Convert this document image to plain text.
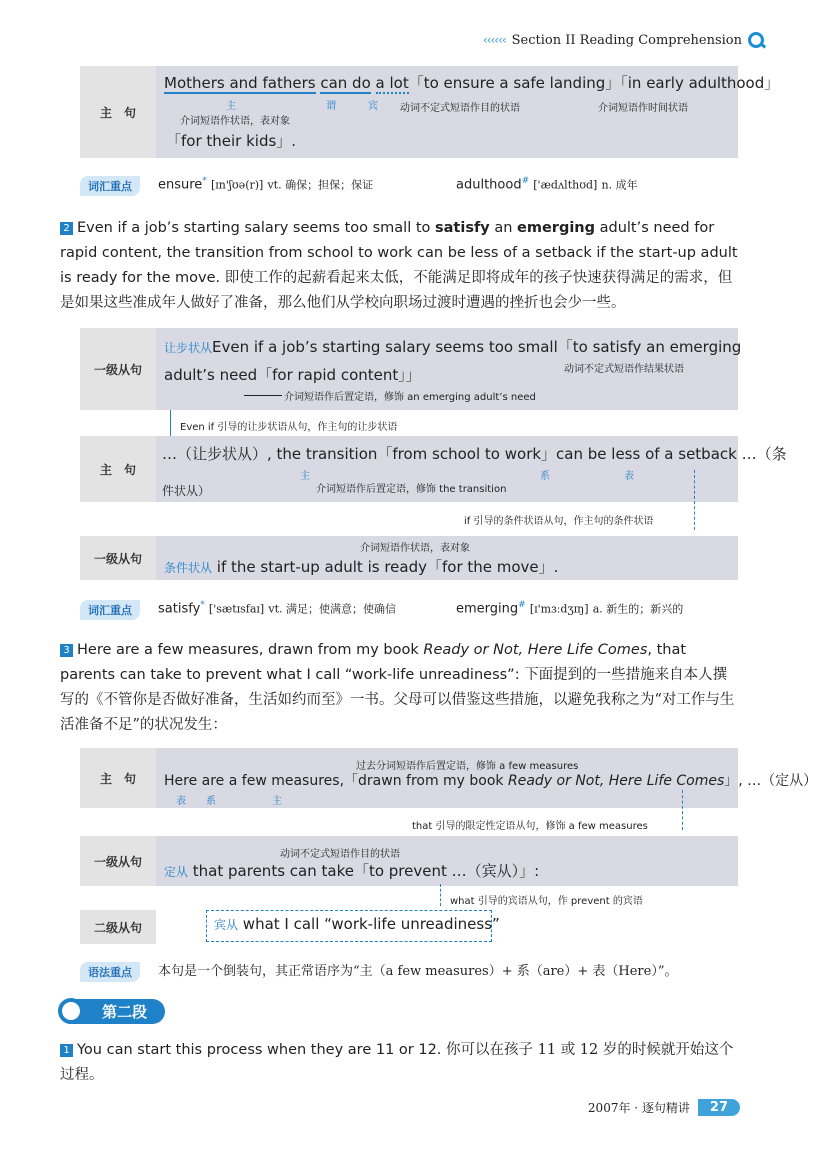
‹‹‹‹‹‹ Section II Reading Comprehension
主　句
Mothers and fathers can do a lot「to ensure a safe landing」「in early adulthood」
主	谓	宾 动词不定式短语作目的状语	介词短语作时间状语
介词短语作状语，表对象
「for their kids」.
词汇重点	ensure* [ɪn'ʃʊə(r)] vt. 确保；担保；保证	adulthood# ['ædʌlthʊd] n. 成年
2 Even if a job’s starting salary seems too small to satisfy an emerging adult’s need for rapid content, the transition from school to work can be less of a setback if the start-up adult is ready for the move. 即使工作的起薪看起来太低，不能满足即将成年的孩子快速获得满足的需求，但是如果这些准成年人做好了准备，那么他们从学校向职场过渡时遭遇的挫折也会少一些。
一级从句
让步状从Even if a job’s starting salary seems too small「to satisfy an emerging
动词不定式短语作结果状语
adult’s need「for rapid content」」
介词短语作后置定语，修饰 an emerging adult’s need
Even if 引导的让步状语从句，作主句的让步状语
主　句
…（让步状从）, the transition「from school to work」can be less of a setback …（条
主	系	表
介词短语作后置定语，修饰 the transition
件状从）
if 引导的条件状语从句，作主句的条件状语
一级从句
介词短语作状语，表对象
条件状从 if the start-up adult is ready「for the move」.
词汇重点	satisfy* ['sætɪsfaɪ] vt. 满足；使满意；使确信	emerging# [ɪ'mɜːdʒɪŋ] a. 新生的；新兴的
3 Here are a few measures, drawn from my book Ready or Not, Here Life Comes, that parents can take to prevent what I call “work-life unreadiness”: 下面提到的一些措施来自本人撰写的《不管你是否做好准备，生活如约而至》一书。父母可以借鉴这些措施，以避免我称之为“对工作与生活准备不足”的状况发生：
主　句
过去分词短语作后置定语，修饰 a few measures
Here are a few measures,「drawn from my book Ready or Not, Here Life Comes」, …（定从）
表 系	主
that 引导的限定性定语从句，修饰 a few measures
一级从句	动词不定式短语作目的状语
定从 that parents can take「to prevent …（宾从）」:
what 引导的宾语从句，作 prevent 的宾语
二级从句	宾从 what I call “work-life unreadiness”
语法重点	本句是一个倒装句，其正常语序为“主（a few measures）+ 系（are）+ 表（Here）”。
第二段
1 You can start this process when they are 11 or 12. 你可以在孩子 11 或 12 岁的时候就开始这个过程。
2007年 · 逐句精讲	27
